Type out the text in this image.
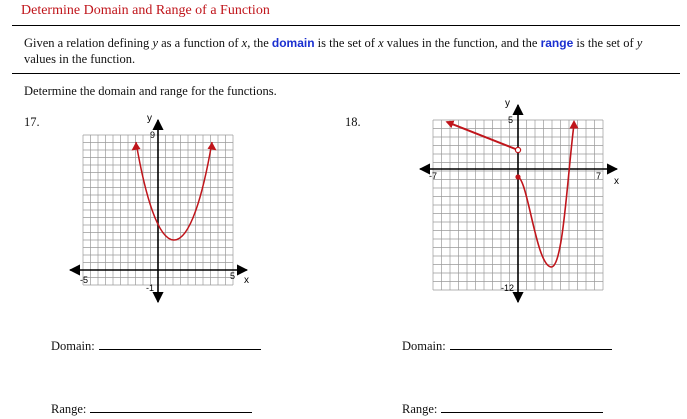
Determine Domain and Range of a Function
Given a relation defining y as a function of x, the domain is the set of x values in the function, and the range is the set of y values in the function.
Determine the domain and range for the functions.
17.	18.
y
x
9
-1
-5	5
y
x
5
-12
-7	7
Domain:
Range:
Domain:
Range:
